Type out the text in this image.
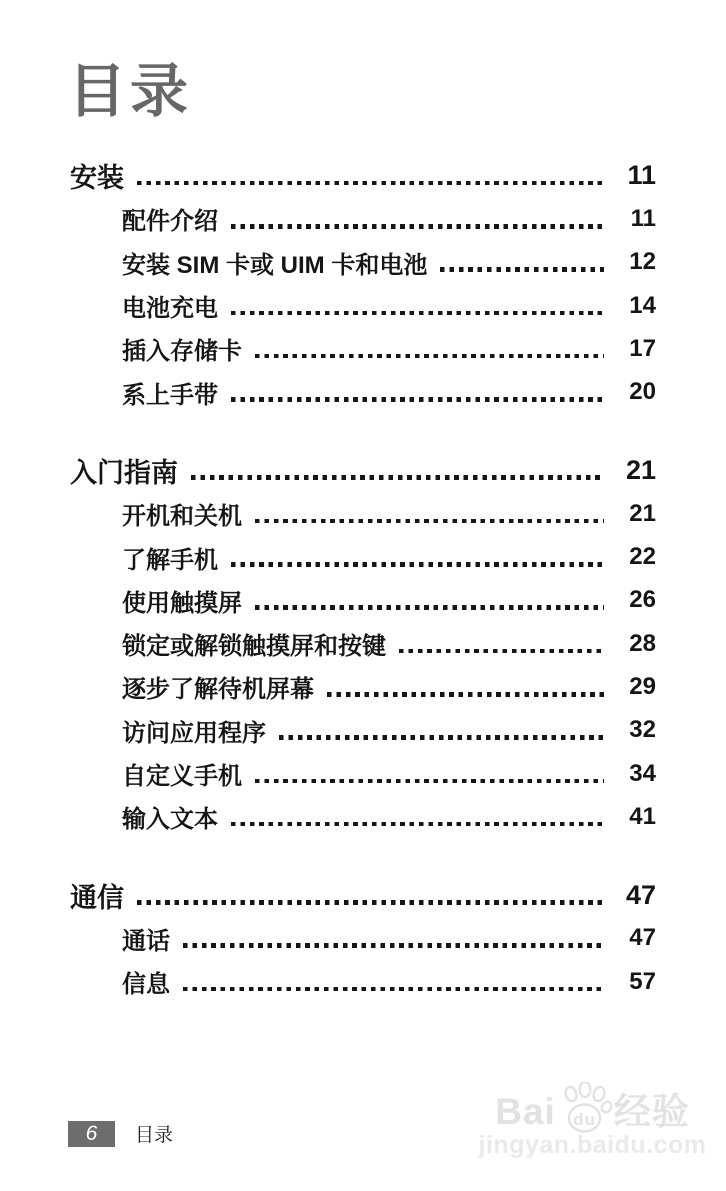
目录
安装	11
配件介绍	11
安装 SIM 卡或 UIM 卡和电池	12
电池充电	14
插入存储卡	17
系上手带	20
入门指南	21
开机和关机	21
了解手机	22
使用触摸屏	26
锁定或解锁触摸屏和按键	28
逐步了解待机屏幕	29
访问应用程序	32
自定义手机	34
输入文本	41
通信	47
通话	47
信息	57
6	目录
Bai du 经验
jingyan.baidu.com
